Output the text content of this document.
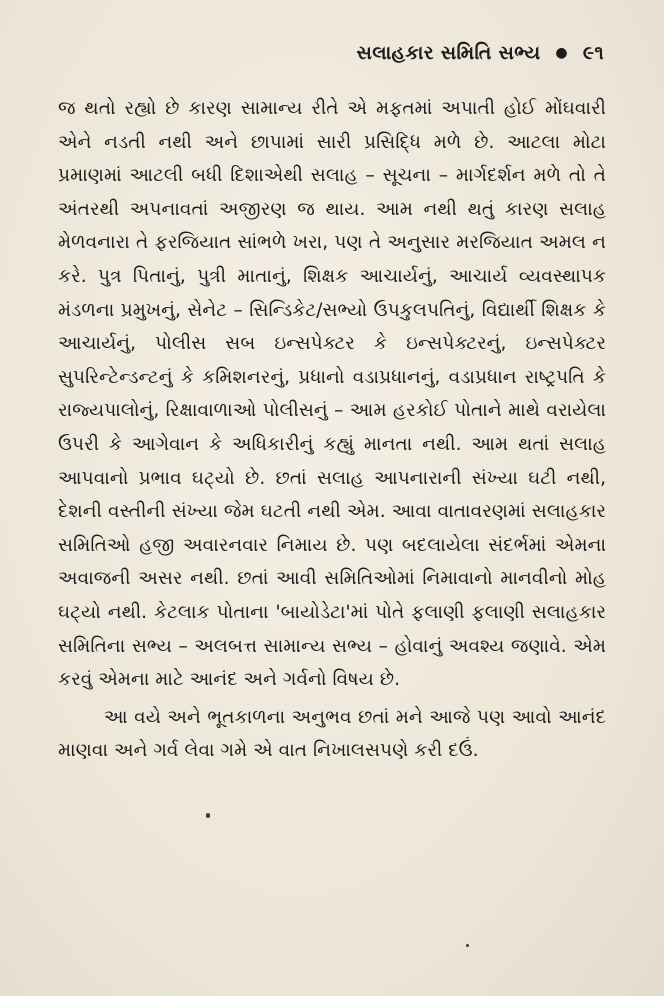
સલાહકાર સમિતિ સભ્ય ● ૯૧

જ થતો રહ્યો છે કારણ સામાન્ય રીતે એ મફતમાં અપાતી હોઈ મોંઘવારી એને નડતી નથી અને છાપામાં સારી પ્રસિદ્ધિ મળે છે. આટલા મોટા પ્રમાણમાં આટલી બધી દિશાએથી સલાહ – સૂચના – માર્ગદર્શન મળે તો તે અંતરથી અપનાવતાં અજીરણ જ થાય. આમ નથી થતું કારણ સલાહ મેળવનારા તે ફરજિયાત સાંભળે ખરા, પણ તે અનુસાર મરજિયાત અમલ ન કરે. પુત્ર પિતાનું, પુત્રી માતાનું, શિક્ષક આચાર્યનું, આચાર્ય વ્યવસ્થાપક મંડળના પ્રમુખનું, સેનેટ – સિન્ડિકેટ/સભ્યો ઉપકુલપતિનું, વિદ્યાર્થી શિક્ષક કે આચાર્યનું, પોલીસ સબ ઇન્સપેક્ટર કે ઇન્સપેક્ટરનું, ઇન્સપેક્ટર સુપરિન્ટેન્ડન્ટનું કે કમિશનરનું, પ્રધાનો વડાપ્રધાનનું, વડાપ્રધાન રાષ્ટ્રપતિ કે રાજ્યપાલોનું, રિક્ષાવાળાઓ પોલીસનું – આમ હરકોઈ પોતાને માથે વરાયેલા ઉપરી કે આગેવાન કે અધિકારીનું કહ્યું માનતા નથી. આમ થતાં સલાહ આપવાનો પ્રભાવ ઘટ્યો છે. છતાં સલાહ આપનારાની સંખ્યા ઘટી નથી, દેશની વસ્તીની સંખ્યા જેમ ઘટતી નથી એમ. આવા વાતાવરણમાં સલાહકાર સમિતિઓ હજી અવારનવાર નિમાય છે. પણ બદલાયેલા સંદર્ભમાં એમના અવાજની અસર નથી. છતાં આવી સમિતિઓમાં નિમાવાનો માનવીનો મોહ ઘટ્યો નથી. કેટલાક પોતાના 'બાયોડેટા'માં પોતે ફલાણી ફલાણી સલાહકાર સમિતિના સભ્ય – અલબત્ત સામાન્ય સભ્ય – હોવાનું અવશ્ય જણાવે. એમ કરવું એમના માટે આનંદ અને ગર્વનો વિષય છે.

આ વયે અને ભૂતકાળના અનુભવ છતાં મને આજે પણ આવો આનંદ માણવા અને ગર્વ લેવા ગમે એ વાત નિખાલસપણે કરી દઉં.
